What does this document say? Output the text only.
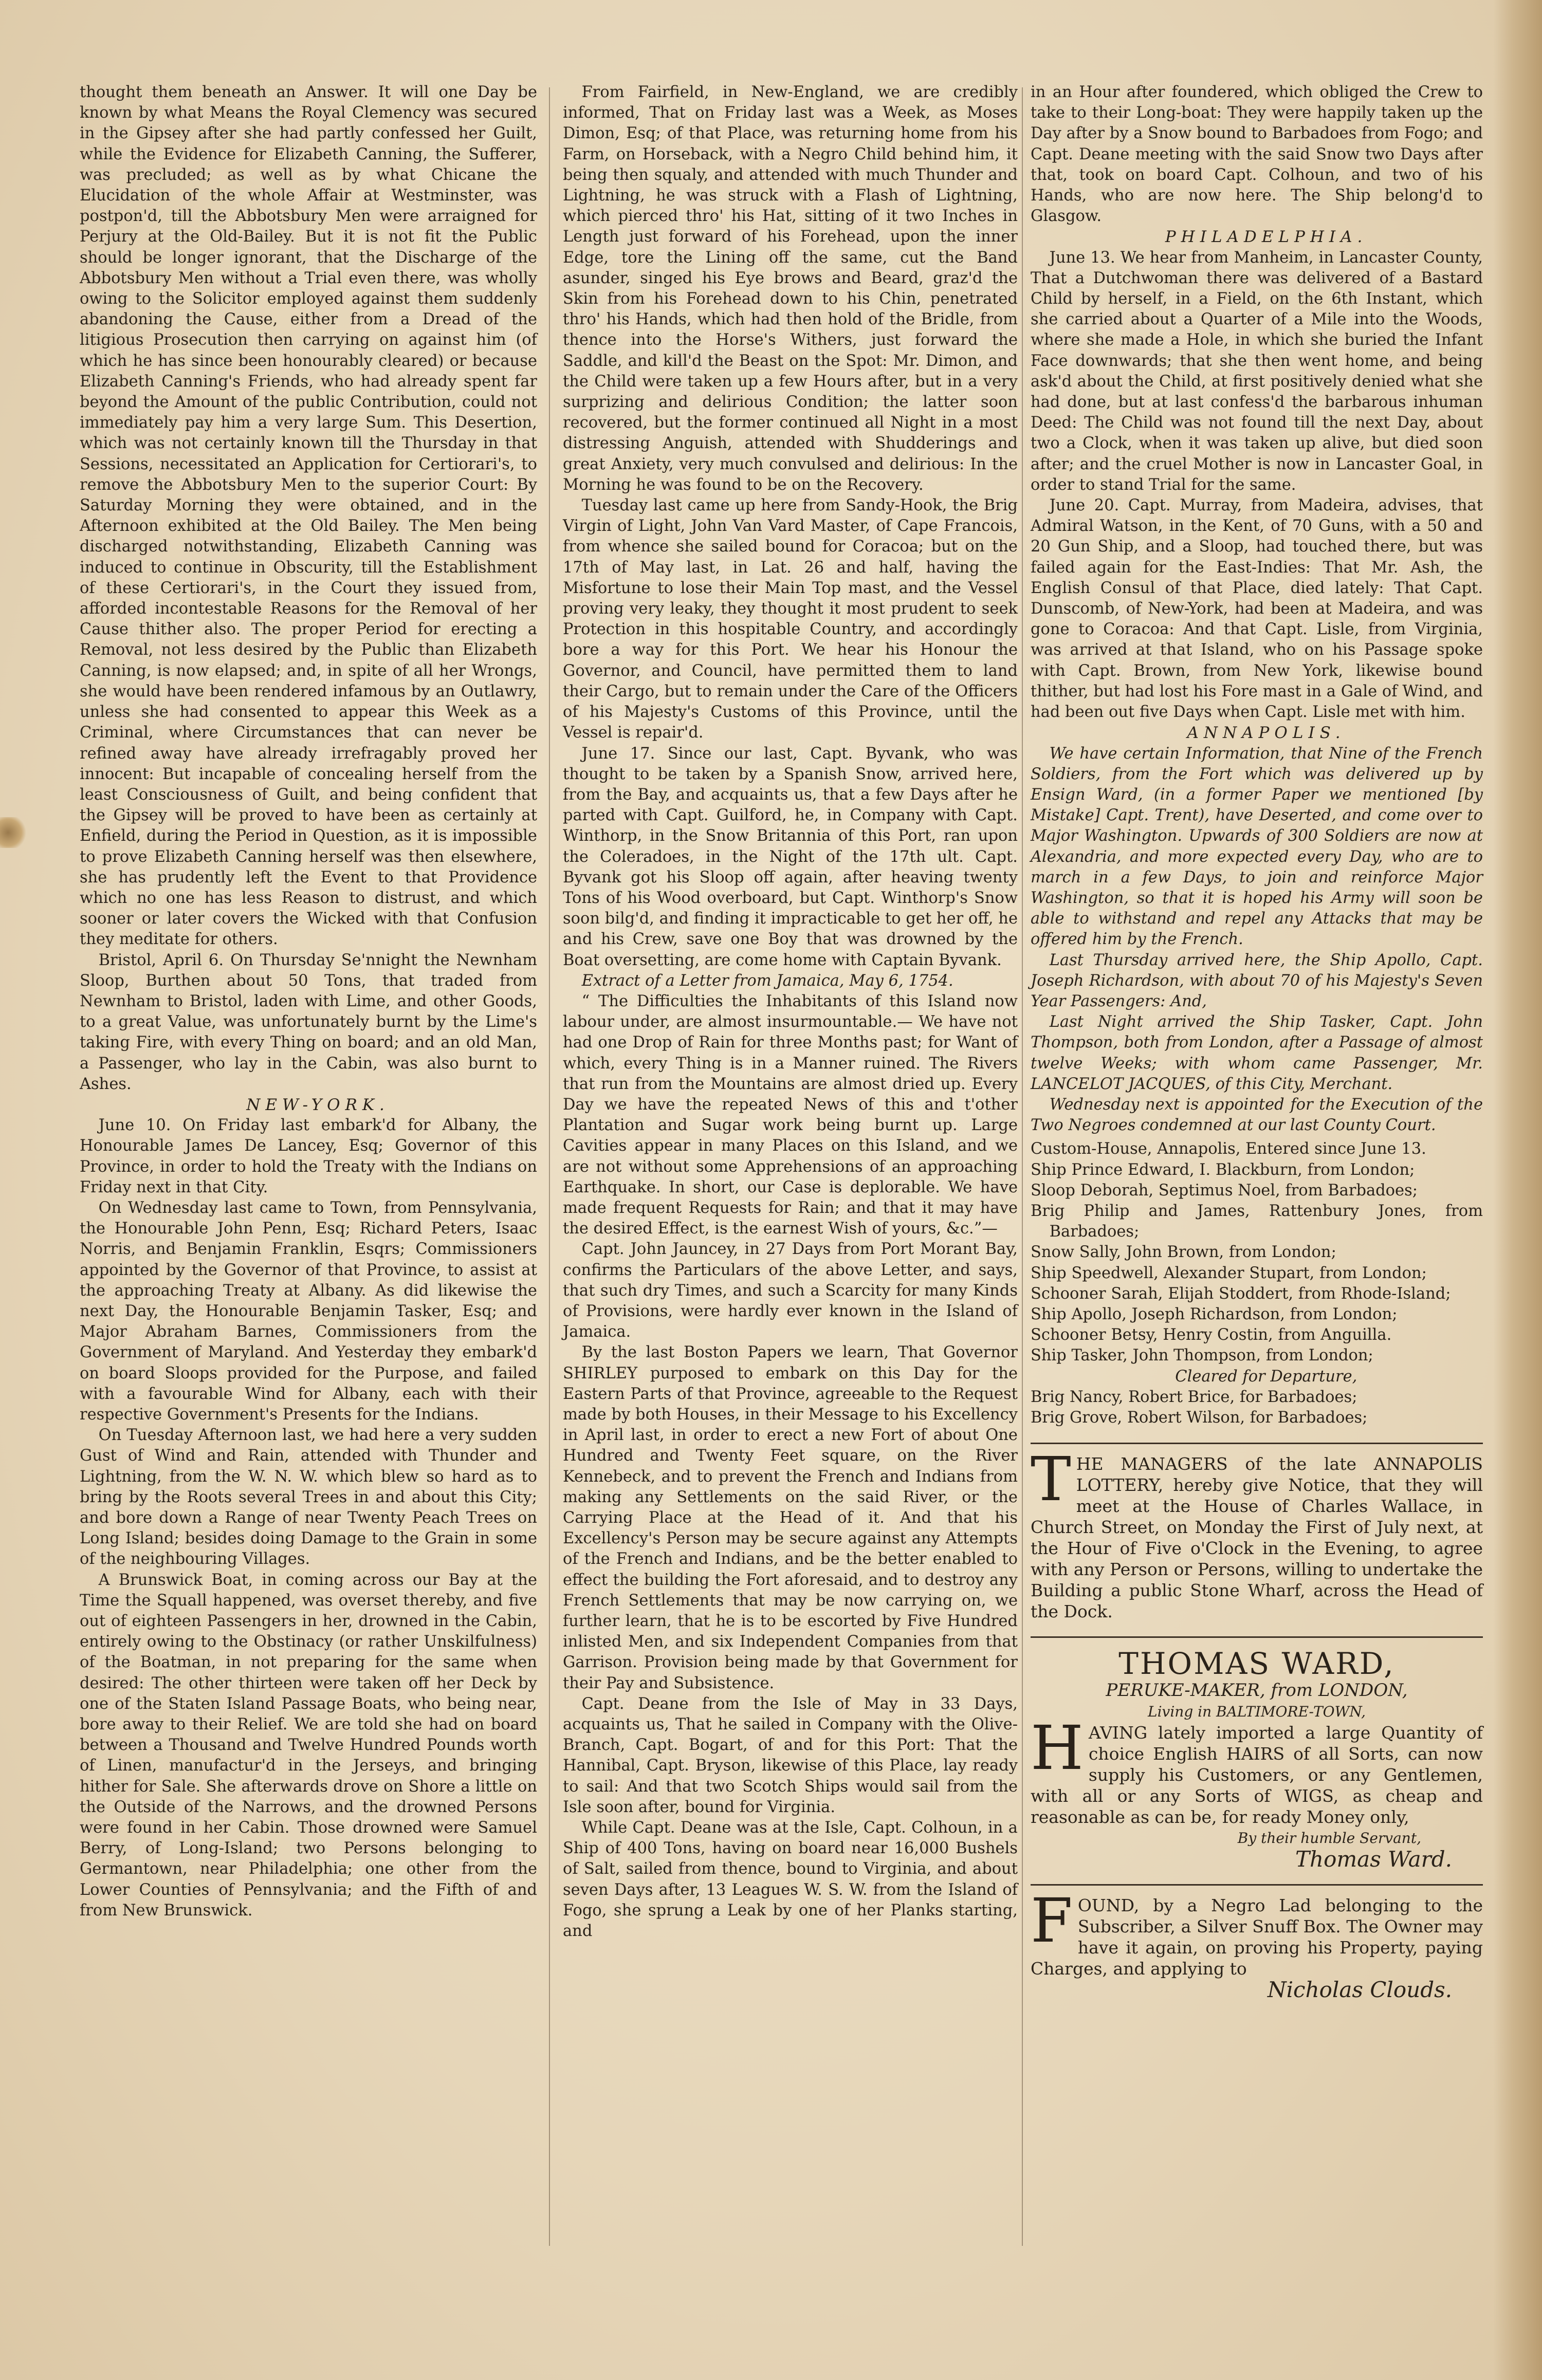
thought them beneath an Answer. It will one Day be known by what Means the Royal Clemency was secured in the Gipsey after she had partly confessed her Guilt, while the Evidence for Elizabeth Canning, the Sufferer, was precluded; as well as by what Chicane the Elucidation of the whole Affair at Westminster, was postpon'd, till the Abbotsbury Men were arraigned for Perjury at the Old-Bailey. But it is not fit the Public should be longer ignorant, that the Discharge of the Abbotsbury Men without a Trial even there, was wholly owing to the Solicitor employed against them suddenly abandoning the Cause, either from a Dread of the litigious Prosecution then carrying on against him (of which he has since been honourably cleared) or because Elizabeth Canning's Friends, who had already spent far beyond the Amount of the public Contribution, could not immediately pay him a very large Sum. This Desertion, which was not certainly known till the Thursday in that Sessions, necessitated an Application for Certiorari's, to remove the Abbotsbury Men to the superior Court: By Saturday Morning they were obtained, and in the Afternoon exhibited at the Old Bailey. The Men being discharged notwithstanding, Elizabeth Canning was induced to continue in Obscurity, till the Establishment of these Certiorari's, in the Court they issued from, afforded incontestable Reasons for the Removal of her Cause thither also. The proper Period for erecting a Removal, not less desired by the Public than Elizabeth Canning, is now elapsed; and, in spite of all her Wrongs, she would have been rendered infamous by an Outlawry, unless she had consented to appear this Week as a Criminal, where Circumstances that can never be refined away have already irrefragably proved her innocent: But incapable of concealing herself from the least Consciousness of Guilt, and being confident that the Gipsey will be proved to have been as certainly at Enfield, during the Period in Question, as it is impossible to prove Elizabeth Canning herself was then elsewhere, she has prudently left the Event to that Providence which no one has less Reason to distrust, and which sooner or later covers the Wicked with that Confusion they meditate for others.

Bristol, April 6. On Thursday Se'nnight the Newnham Sloop, Burthen about 50 Tons, that traded from Newnham to Bristol, laden with Lime, and other Goods, to a great Value, was unfortunately burnt by the Lime's taking Fire, with every Thing on board; and an old Man, a Passenger, who lay in the Cabin, was also burnt to Ashes.

NEW-YORK.

June 10. On Friday last embark'd for Albany, the Honourable James De Lancey, Esq; Governor of this Province, in order to hold the Treaty with the Indians on Friday next in that City.

On Wednesday last came to Town, from Pennsylvania, the Honourable John Penn, Esq; Richard Peters, Isaac Norris, and Benjamin Franklin, Esqrs; Commissioners appointed by the Governor of that Province, to assist at the approaching Treaty at Albany. As did likewise the next Day, the Honourable Benjamin Tasker, Esq; and Major Abraham Barnes, Commissioners from the Government of Maryland. And Yesterday they embark'd on board Sloops provided for the Purpose, and failed with a favourable Wind for Albany, each with their respective Government's Presents for the Indians.

On Tuesday Afternoon last, we had here a very sudden Gust of Wind and Rain, attended with Thunder and Lightning, from the W. N. W. which blew so hard as to bring by the Roots several Trees in and about this City; and bore down a Range of near Twenty Peach Trees on Long Island; besides doing Damage to the Grain in some of the neighbouring Villages.

A Brunswick Boat, in coming across our Bay at the Time the Squall happened, was overset thereby, and five out of eighteen Passengers in her, drowned in the Cabin, entirely owing to the Obstinacy (or rather Unskilfulness) of the Boatman, in not preparing for the same when desired: The other thirteen were taken off her Deck by one of the Staten Island Passage Boats, who being near, bore away to their Relief. We are told she had on board between a Thousand and Twelve Hundred Pounds worth of Linen, manufactur'd in the Jerseys, and bringing hither for Sale. She afterwards drove on Shore a little on the Outside of the Narrows, and the drowned Persons were found in her Cabin. Those drowned were Samuel Berry, of Long-Island; two Persons belonging to Germantown, near Philadelphia; one other from the Lower Counties of Pennsylvania; and the Fifth of and from New Brunswick.

From Fairfield, in New-England, we are credibly informed, That on Friday last was a Week, as Moses Dimon, Esq; of that Place, was returning home from his Farm, on Horseback, with a Negro Child behind him, it being then squaly, and attended with much Thunder and Lightning, he was struck with a Flash of Lightning, which pierced thro' his Hat, sitting of it two Inches in Length just forward of his Forehead, upon the inner Edge, tore the Lining off the same, cut the Band asunder, singed his Eye brows and Beard, graz'd the Skin from his Forehead down to his Chin, penetrated thro' his Hands, which had then hold of the Bridle, from thence into the Horse's Withers, just forward the Saddle, and kill'd the Beast on the Spot: Mr. Dimon, and the Child were taken up a few Hours after, but in a very surprizing and delirious Condition; the latter soon recovered, but the former continued all Night in a most distressing Anguish, attended with Shudderings and great Anxiety, very much convulsed and delirious: In the Morning he was found to be on the Recovery.

Tuesday last came up here from Sandy-Hook, the Brig Virgin of Light, John Van Vard Master, of Cape Francois, from whence she sailed bound for Coracoa; but on the 17th of May last, in Lat. 26 and half, having the Misfortune to lose their Main Top mast, and the Vessel proving very leaky, they thought it most prudent to seek Protection in this hospitable Country, and accordingly bore a way for this Port. We hear his Honour the Governor, and Council, have permitted them to land their Cargo, but to remain under the Care of the Officers of his Majesty's Customs of this Province, until the Vessel is repair'd.

June 17. Since our last, Capt. Byvank, who was thought to be taken by a Spanish Snow, arrived here, from the Bay, and acquaints us, that a few Days after he parted with Capt. Guilford, he, in Company with Capt. Winthorp, in the Snow Britannia of this Port, ran upon the Coleradoes, in the Night of the 17th ult. Capt. Byvank got his Sloop off again, after heaving twenty Tons of his Wood overboard, but Capt. Winthorp's Snow soon bilg'd, and finding it impracticable to get her off, he and his Crew, save one Boy that was drowned by the Boat oversetting, are come home with Captain Byvank.

Extract of a Letter from Jamaica, May 6, 1754.

“ The Difficulties the Inhabitants of this Island now labour under, are almost insurmountable.— We have not had one Drop of Rain for three Months past; for Want of which, every Thing is in a Manner ruined. The Rivers that run from the Mountains are almost dried up. Every Day we have the repeated News of this and t'other Plantation and Sugar work being burnt up. Large Cavities appear in many Places on this Island, and we are not without some Apprehensions of an approaching Earthquake. In short, our Case is deplorable. We have made frequent Requests for Rain; and that it may have the desired Effect, is the earnest Wish of yours, &c.”—

Capt. John Jauncey, in 27 Days from Port Morant Bay, confirms the Particulars of the above Letter, and says, that such dry Times, and such a Scarcity for many Kinds of Provisions, were hardly ever known in the Island of Jamaica.

By the last Boston Papers we learn, That Governor SHIRLEY purposed to embark on this Day for the Eastern Parts of that Province, agreeable to the Request made by both Houses, in their Message to his Excellency in April last, in order to erect a new Fort of about One Hundred and Twenty Feet square, on the River Kennebeck, and to prevent the French and Indians from making any Settlements on the said River, or the Carrying Place at the Head of it. And that his Excellency's Person may be secure against any Attempts of the French and Indians, and be the better enabled to effect the building the Fort aforesaid, and to destroy any French Settlements that may be now carrying on, we further learn, that he is to be escorted by Five Hundred inlisted Men, and six Independent Companies from that Garrison. Provision being made by that Government for their Pay and Subsistence.

Capt. Deane from the Isle of May in 33 Days, acquaints us, That he sailed in Company with the Olive-Branch, Capt. Bogart, of and for this Port: That the Hannibal, Capt. Bryson, likewise of this Place, lay ready to sail: And that two Scotch Ships would sail from the Isle soon after, bound for Virginia.

While Capt. Deane was at the Isle, Capt. Colhoun, in a Ship of 400 Tons, having on board near 16,000 Bushels of Salt, sailed from thence, bound to Virginia, and about seven Days after, 13 Leagues W. S. W. from the Island of Fogo, she sprung a Leak by one of her Planks starting, and

in an Hour after foundered, which obliged the Crew to take to their Long-boat: They were happily taken up the Day after by a Snow bound to Barbadoes from Fogo; and Capt. Deane meeting with the said Snow two Days after that, took on board Capt. Colhoun, and two of his Hands, who are now here. The Ship belong'd to Glasgow.

PHILADELPHIA.

June 13. We hear from Manheim, in Lancaster County, That a Dutchwoman there was delivered of a Bastard Child by herself, in a Field, on the 6th Instant, which she carried about a Quarter of a Mile into the Woods, where she made a Hole, in which she buried the Infant Face downwards; that she then went home, and being ask'd about the Child, at first positively denied what she had done, but at last confess'd the barbarous inhuman Deed: The Child was not found till the next Day, about two a Clock, when it was taken up alive, but died soon after; and the cruel Mother is now in Lancaster Goal, in order to stand Trial for the same.

June 20. Capt. Murray, from Madeira, advises, that Admiral Watson, in the Kent, of 70 Guns, with a 50 and 20 Gun Ship, and a Sloop, had touched there, but was failed again for the East-Indies: That Mr. Ash, the English Consul of that Place, died lately: That Capt. Dunscomb, of New-York, had been at Madeira, and was gone to Coracoa: And that Capt. Lisle, from Virginia, was arrived at that Island, who on his Passage spoke with Capt. Brown, from New York, likewise bound thither, but had lost his Fore mast in a Gale of Wind, and had been out five Days when Capt. Lisle met with him.

ANNAPOLIS.

We have certain Information, that Nine of the French Soldiers, from the Fort which was delivered up by Ensign Ward, (in a former Paper we mentioned [by Mistake] Capt. Trent), have Deserted, and come over to Major Washington. Upwards of 300 Soldiers are now at Alexandria, and more expected every Day, who are to march in a few Days, to join and reinforce Major Washington, so that it is hoped his Army will soon be able to withstand and repel any Attacks that may be offered him by the French.

Last Thursday arrived here, the Ship Apollo, Capt. Joseph Richardson, with about 70 of his Majesty's Seven Year Passengers: And,

Last Night arrived the Ship Tasker, Capt. John Thompson, both from London, after a Passage of almost twelve Weeks; with whom came Passenger, Mr. LANCELOT JACQUES, of this City, Merchant.

Wednesday next is appointed for the Execution of the Two Negroes condemned at our last County Court.

Custom-House, Annapolis, Entered since June 13.

Ship Prince Edward, I. Blackburn, from London;
Sloop Deborah, Septimus Noel, from Barbadoes;
Brig Philip and James, Rattenbury Jones, from Barbadoes;
Snow Sally, John Brown, from London;
Ship Speedwell, Alexander Stupart, from London;
Schooner Sarah, Elijah Stoddert, from Rhode-Island;
Ship Apollo, Joseph Richardson, from London;
Schooner Betsy, Henry Costin, from Anguilla.
Ship Tasker, John Thompson, from London;

Cleared for Departure,

Brig Nancy, Robert Brice, for Barbadoes;
Brig Grove, Robert Wilson, for Barbadoes;
T HE MANAGERS of the late ANNAPOLIS LOTTERY, hereby give Notice, that they will meet at the House of Charles Wallace, in Church Street, on Monday the First of July next, at the Hour of Five o'Clock in the Evening, to agree with any Person or Persons, willing to undertake the Building a public Stone Wharf, across the Head of the Dock.
THOMAS WARD,
PERUKE-MAKER, from LONDON,
Living in BALTIMORE-TOWN,
H AVING lately imported a large Quantity of choice English HAIRS of all Sorts, can now supply his Customers, or any Gentlemen, with all or any Sorts of WIGS, as cheap and reasonable as can be, for ready Money only,
By their humble Servant,
Thomas Ward.
F OUND, by a Negro Lad belonging to the Subscriber, a Silver Snuff Box. The Owner may have it again, on proving his Property, paying Charges, and applying to
Nicholas Clouds.
